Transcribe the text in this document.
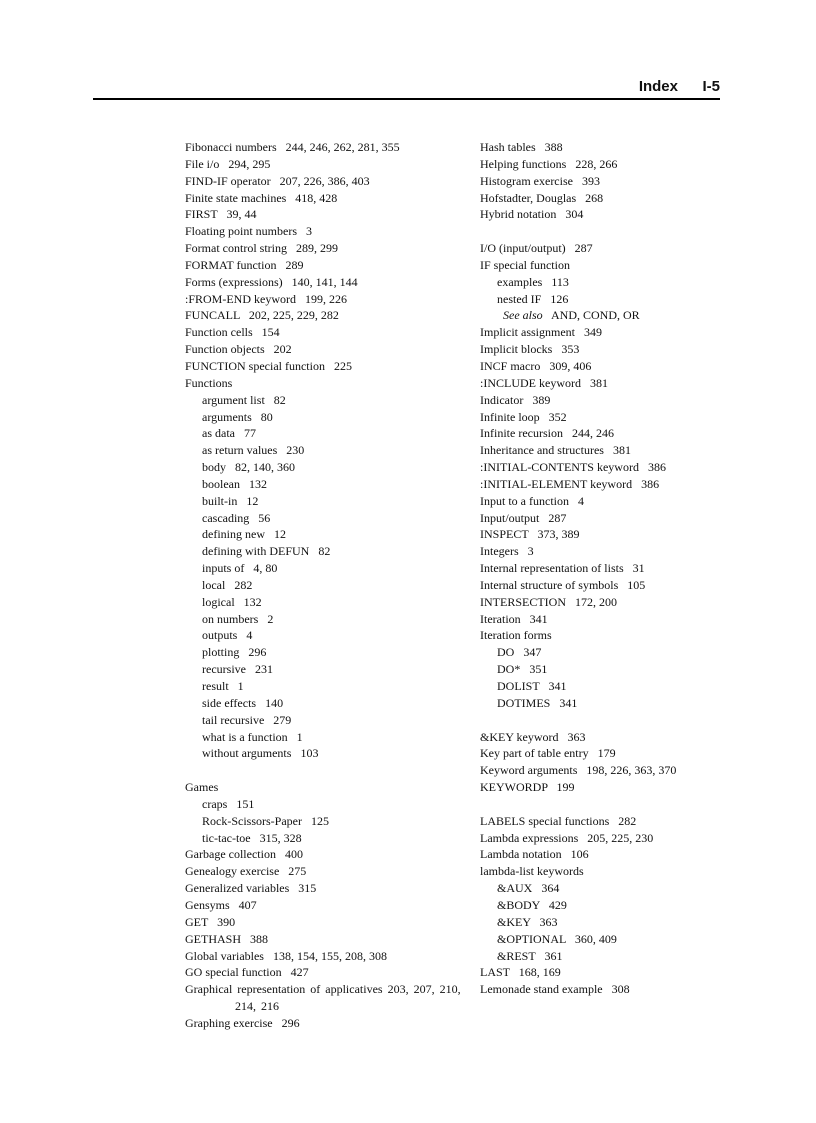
Index I-5
Fibonacci numbers   244, 246, 262, 281, 355
File i/o   294, 295
FIND-IF operator   207, 226, 386, 403
Finite state machines   418, 428
FIRST   39, 44
Floating point numbers   3
Format control string   289, 299
FORMAT function   289
Forms (expressions)   140, 141, 144
:FROM-END keyword   199, 226
FUNCALL   202, 225, 229, 282
Function cells   154
Function objects   202
FUNCTION special function   225
Functions
argument list   82
arguments   80
as data   77
as return values   230
body   82, 140, 360
boolean   132
built-in   12
cascading   56
defining new   12
defining with DEFUN   82
inputs of   4, 80
local   282
logical   132
on numbers   2
outputs   4
plotting   296
recursive   231
result   1
side effects   140
tail recursive   279
what is a function   1
without arguments   103
Games
craps   151
Rock-Scissors-Paper   125
tic-tac-toe   315, 328
Garbage collection   400
Genealogy exercise   275
Generalized variables   315
Gensyms   407
GET   390
GETHASH   388
Global variables   138, 154, 155, 208, 308
GO special function   427
Graphical representation of applicatives 203, 207, 210, 214, 216
Graphing exercise   296
Hash tables   388
Helping functions   228, 266
Histogram exercise   393
Hofstadter, Douglas   268
Hybrid notation   304
I/O (input/output)   287
IF special function
examples   113
nested IF   126
See also   AND, COND, OR
Implicit assignment   349
Implicit blocks   353
INCF macro   309, 406
:INCLUDE keyword   381
Indicator   389
Infinite loop   352
Infinite recursion   244, 246
Inheritance and structures   381
:INITIAL-CONTENTS keyword   386
:INITIAL-ELEMENT keyword   386
Input to a function   4
Input/output   287
INSPECT   373, 389
Integers   3
Internal representation of lists   31
Internal structure of symbols   105
INTERSECTION   172, 200
Iteration   341
Iteration forms
DO   347
DO*   351
DOLIST   341
DOTIMES   341
&KEY keyword   363
Key part of table entry   179
Keyword arguments   198, 226, 363, 370
KEYWORDP   199
LABELS special functions   282
Lambda expressions   205, 225, 230
Lambda notation   106
lambda-list keywords
&AUX   364
&BODY   429
&KEY   363
&OPTIONAL   360, 409
&REST   361
LAST   168, 169
Lemonade stand example   308
